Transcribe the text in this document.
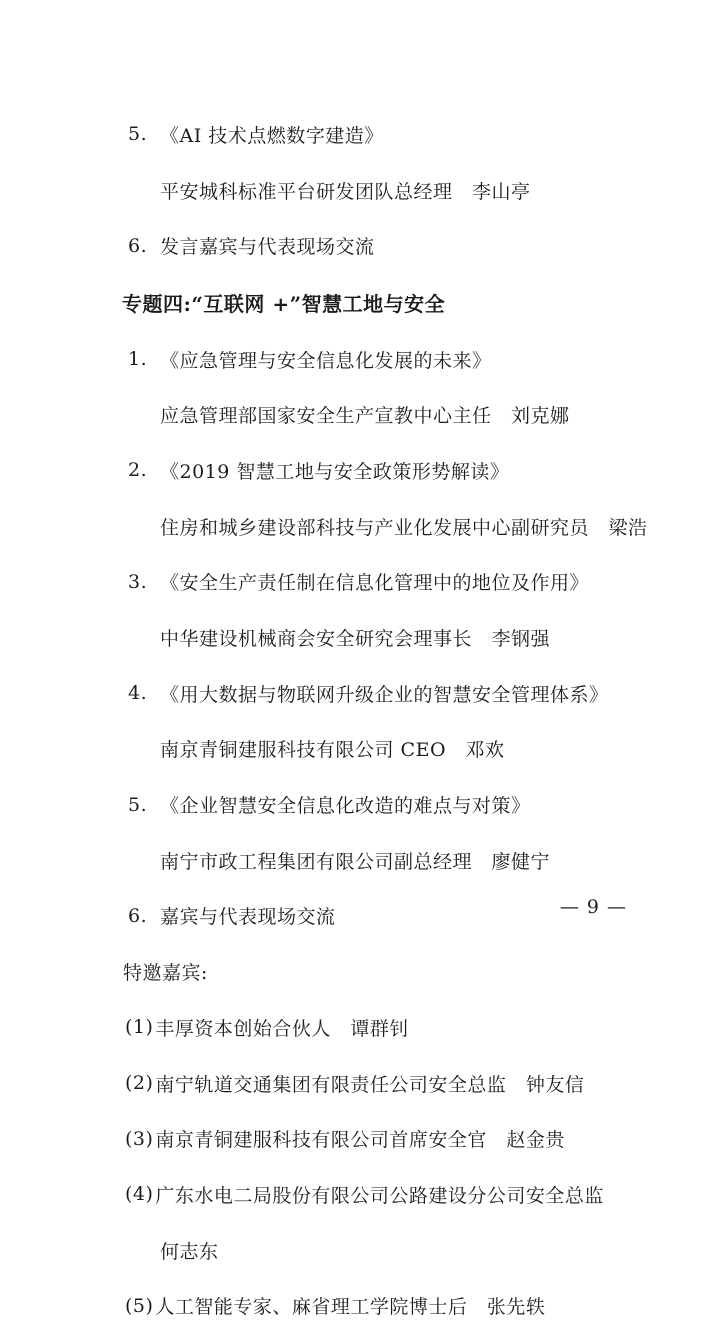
5. 《AI 技术点燃数字建造》

平安城科标准平台研发团队总经理　李山亭

6. 发言嘉宾与代表现场交流

专题四:“互联网 +”智慧工地与安全

1. 《应急管理与安全信息化发展的未来》

应急管理部国家安全生产宣教中心主任　刘克娜

2. 《2019 智慧工地与安全政策形势解读》

住房和城乡建设部科技与产业化发展中心副研究员　梁浩

3. 《安全生产责任制在信息化管理中的地位及作用》

中华建设机械商会安全研究会理事长　李钢强

4. 《用大数据与物联网升级企业的智慧安全管理体系》

南京青铜建服科技有限公司 CEO　邓欢

5. 《企业智慧安全信息化改造的难点与对策》

南宁市政工程集团有限公司副总经理　廖健宁

6. 嘉宾与代表现场交流

特邀嘉宾:

(1) 丰厚资本创始合伙人　谭群钊

(2) 南宁轨道交通集团有限责任公司安全总监　钟友信

(3) 南京青铜建服科技有限公司首席安全官　赵金贵

(4) 广东水电二局股份有限公司公路建设分公司安全总监

何志东

(5) 人工智能专家、麻省理工学院博士后　张先轶

— 9 —
